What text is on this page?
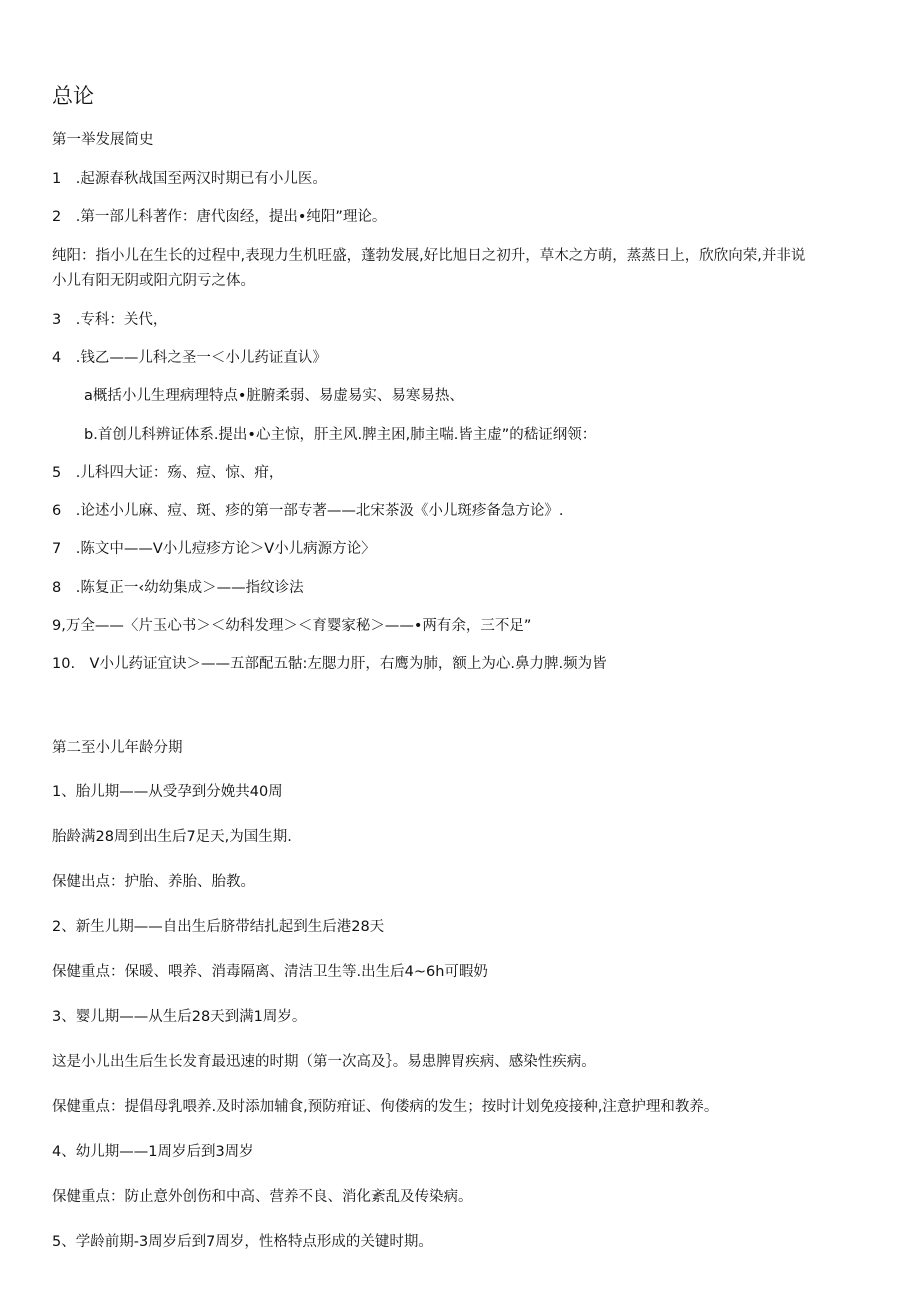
总论
第一举发展简史
1　.起源春秋战国至两汉时期已有小儿医。
2　.第一部儿科著作：唐代囱经，提出•纯阳”理论。
纯阳：指小儿在生长的过程中,表现力生机旺盛，蓬勃发展,好比旭日之初升，草木之方萌，蒸蒸日上，欣欣向荣,并非说
小儿有阳无阴或阳亢阴亏之体。
3　.专科：关代，
4　.钱乙——儿科之圣一＜小儿药证直认》
a概括小儿生理病理特点•脏腑柔弱、易虚易实、易寒易热、
b.首创儿科辨证体系.提出•心主惊，肝主风.脾主困,肺主喘.皆主虚”的嵇证纲领：
5　.儿科四大证：殇、痘、惊、疳，
6　.论述小儿麻、痘、斑、疹的第一部专著——北宋茶汲《小儿斑疹备急方论》.
7　.陈文中——V小儿痘疹方论＞V小儿病源方论〉
8　.陈复正一‹幼幼集成＞——指纹诊法
9,万全——〈片玉心书＞＜幼科发理＞＜育婴家秘＞——•两有余，三不足”
10.　V小儿药证宜诀＞——五部配五骷:左腮力肝，右鹰为肺，额上为心.鼻力脾.频为皆
第二至小儿年龄分期
1、胎儿期——从受孕到分娩共40周
胎龄满28周到出生后7足天,为国生期.
保健出点：护胎、养胎、胎教。
2、新生儿期——自出生后脐带结扎起到生后港28天
保健重点：保暖、喂养、消毒隔离、清洁卫生等.出生后4~6h可暇奶
3、婴儿期——从生后28天到满1周岁。
这是小儿出生后生长发育最迅速的时期（第一次高及｝。易患脾胃疾病、感染性疾病。
保健重点：提倡母乳喂养.及时添加辅食,预防疳证、佝偻病的发生；按时计划免疫接种,注意护理和教养。
4、幼儿期——1周岁后到3周岁
保健重点：防止意外创伤和中高、营养不良、消化紊乱及传染病。
5、学龄前期-3周岁后到7周岁，性格特点形成的关键时期。
